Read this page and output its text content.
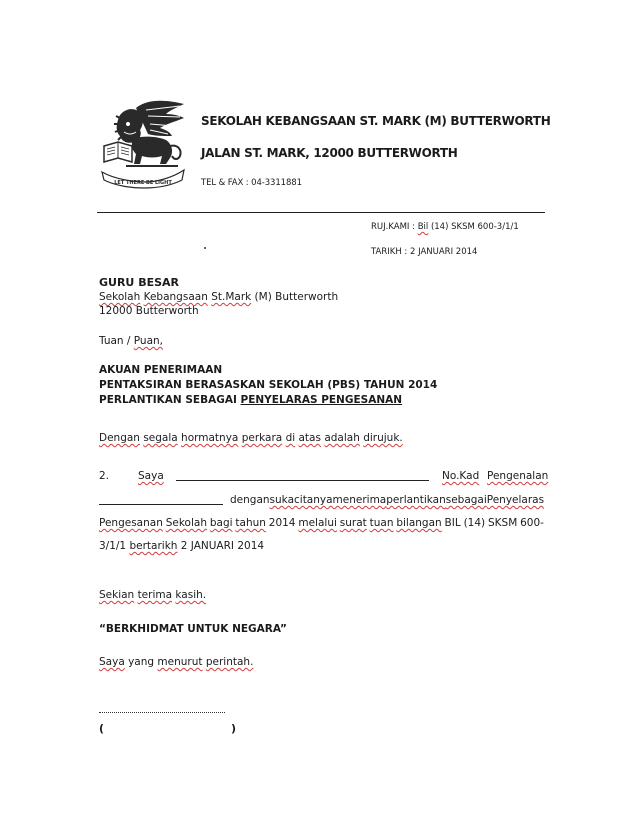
LET THERE BE LIGHT
SEKOLAH KEBANGSAAN ST. MARK (M) BUTTERWORTH
JALAN ST. MARK, 12000 BUTTERWORTH
TEL & FAX : 04-3311881
RUJ.KAMI : Bil (14) SKSM 600-3/1/1
TARIKH : 2 JANUARI 2014
GURU BESAR
Sekolah Kebangsaan St.Mark (M) Butterworth
12000 Butterworth
Tuan / Puan,
AKUAN PENERIMAAN
PENTAKSIRAN BERASASKAN SEKOLAH (PBS) TAHUN 2014
PERLANTIKAN SEBAGAI PENYELARAS PENGESANAN
Dengan segala hormatnya perkara di atas adalah dirujuk.
2.	Saya	No.Kad Pengenalan
dengan sukacitanya menerima perlantikan sebagai Penyelaras
Pengesanan Sekolah bagi tahun 2014 melalui surat tuan bilangan BIL (14) SKSM 600-
3/1/1 bertarikh 2 JANUARI 2014
Sekian terima kasih.
“BERKHIDMAT UNTUK NEGARA”
Saya yang menurut perintah.
(	)
